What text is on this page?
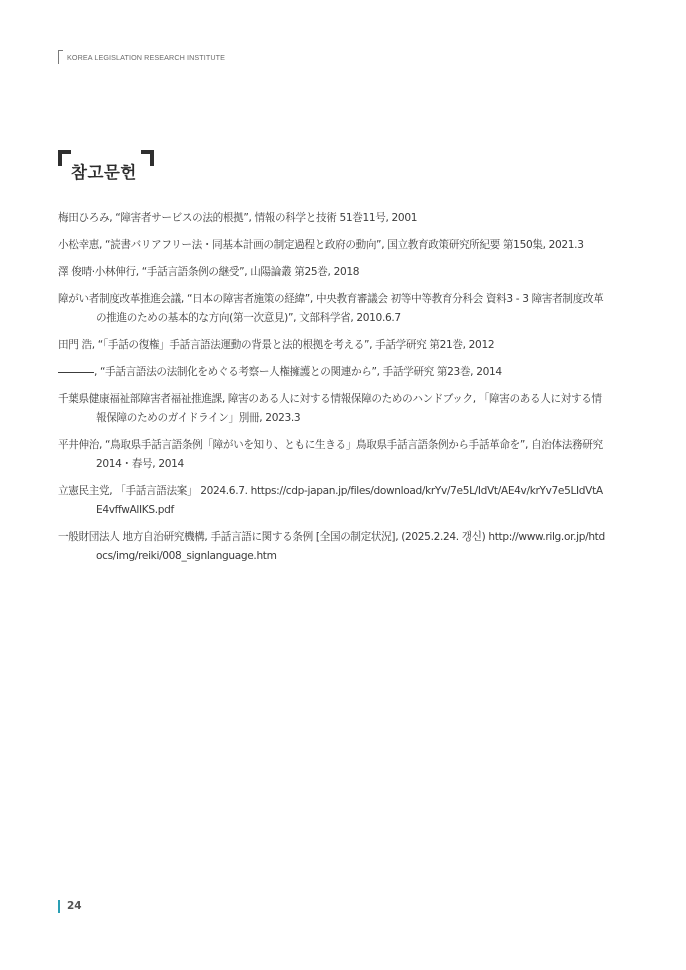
KOREA LEGISLATION RESEARCH INSTITUTE
참고문헌
梅田ひろみ, “障害者サービスの法的根拠”, 情報の科学と技術 51巻11号, 2001
小松幸恵, “読書バリアフリー法・同基本計画の制定過程と政府の動向”, 国立教育政策研究所紀要 第150集, 2021.3
澤 俊晴·小林伸行, “手話言語条例の継受”, 山陽論叢 第25巻, 2018
障がい者制度改革推進会議, “日本の障害者施策の経緯”, 中央教育審議会 初等中等教育分科会 資料3 - 3 障害者制度改革の推進のための基本的な方向(第一次意見)”, 文部科学省, 2010.6.7
田門 浩, “「手話の復権」手話言語法運動の背景と法的根拠を考える”, 手話学研究 第21巻, 2012
, “手話言語法の法制化をめぐる考察ー人権擁護との関連から”, 手話学研究 第23巻, 2014
千葉県健康福祉部障害者福祉推進課, 障害のある人に対する情報保障のためのハンドブック, 「障害のある人に対する情報保障のためのガイドライン」別冊, 2023.3
平井伸治, “鳥取県手話言語条例「障がいを知り、ともに生きる」鳥取県手話言語条例から手話革命を”, 自治体法務研究 2014・春号, 2014
立憲民主党, 「手話言語法案」 2024.6.7. https://cdp-japan.jp/files/download/krYv/7e5L/IdVt/AE4v/krYv7e5LIdVtAE4vffwAlIKS.pdf
一般財団法人 地方自治研究機構, 手話言語に関する条例 [全国の制定状況], (2025.2.24. 갱신) http://www.rilg.or.jp/htdocs/img/reiki/008_signlanguage.htm
24
